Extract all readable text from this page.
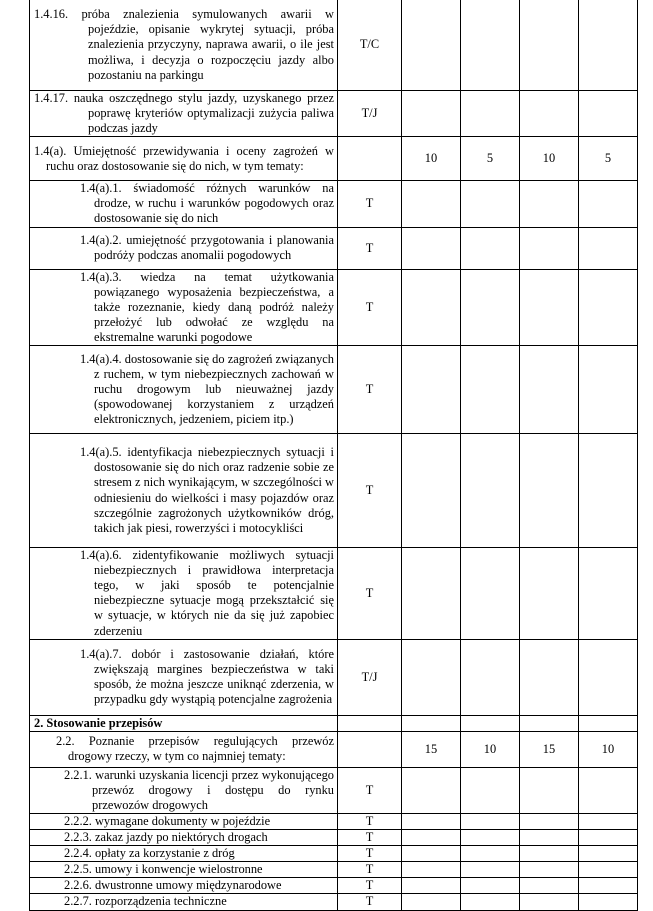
1.4.16. próba znalezienia symulowanych awarii w pojeździe, opisanie wykrytej sytuacji, próba znalezienia przyczyny, naprawa awarii, o ile jest możliwa, i decyzja o rozpoczęciu jazdy albo pozostaniu na parkingu	T/C				

1.4.17. nauka oszczędnego stylu jazdy, uzyskanego przez poprawę kryteriów optymalizacji zużycia paliwa podczas jazdy	T/J				

1.4(a). Umiejętność przewidywania i oceny zagrożeń w ruchu oraz dostosowanie się do nich, w tym tematy:		10	5	10	5

1.4(a).1. świadomość różnych warunków na drodze, w ruchu i warunków pogodowych oraz dostosowanie się do nich	T				

1.4(a).2. umiejętność przygotowania i planowania podróży podczas anomalii pogodowych	T				

1.4(a).3. wiedza na temat użytkowania powiązanego wyposażenia bezpieczeństwa, a także rozeznanie, kiedy daną podróż należy przełożyć lub odwołać ze względu na ekstremalne warunki pogodowe	T				

1.4(a).4. dostosowanie się do zagrożeń związanych z ruchem, w tym niebezpiecznych zachowań w ruchu drogowym lub nieuważnej jazdy (spowodowanej korzystaniem z urządzeń elektronicznych, jedzeniem, piciem itp.)	T				

1.4(a).5. identyfikacja niebezpiecznych sytuacji i dostosowanie się do nich oraz radzenie sobie ze stresem z nich wynikającym, w szczególności w odniesieniu do wielkości i masy pojazdów oraz szczególnie zagrożonych użytkowników dróg, takich jak piesi, rowerzyści i motocykliści	T				

1.4(a).6. zidentyfikowanie możliwych sytuacji niebezpiecznych i prawidłowa interpretacja tego, w jaki sposób te potencjalnie niebezpieczne sytuacje mogą przekształcić się w sytuacje, w których nie da się już zapobiec zderzeniu	T				

1.4(a).7. dobór i zastosowanie działań, które zwiększają margines bezpieczeństwa w taki sposób, że można jeszcze uniknąć zderzenia, w przypadku gdy wystąpią potencjalne zagrożenia	T/J				
2. Stosowanie przepisów					

2.2. Poznanie przepisów regulujących przewóz drogowy rzeczy, w tym co najmniej tematy:		15	10	15	10

2.2.1. warunki uzyskania licencji przez wykonującego przewóz drogowy i dostępu do rynku przewozów drogowych	T				

2.2.2. wymagane dokumenty w pojeździe	T				

2.2.3. zakaz jazdy po niektórych drogach	T				

2.2.4. opłaty za korzystanie z dróg	T				

2.2.5. umowy i konwencje wielostronne	T				

2.2.6. dwustronne umowy międzynarodowe	T				

2.2.7. rozporządzenia techniczne	T				
